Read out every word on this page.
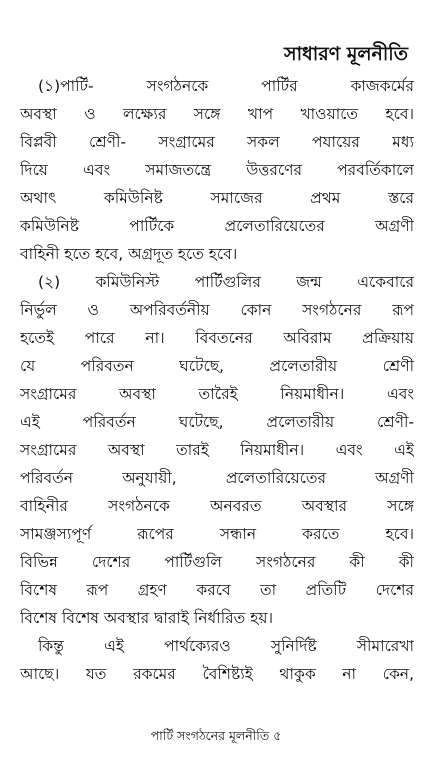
সাধারণ মূলনীতি
(১)পার্টি- সংগঠনকে পার্টির কাজকর্মের
অবস্থা ও লক্ষ্যের সঙ্গে খাপ খাওয়াতে হবে।
বিপ্লবী শ্রেণী- সংগ্রামের সকল পযায়ের মধ্য
দিয়ে এবং সমাজতন্ত্রে উত্তরণের পরবর্তিকালে
অথাৎ কমিউনিষ্ট সমাজের প্রথম স্তরে
কমিউনিষ্ট পার্টিকে প্রলেতারিয়েতের অগ্রণী
বাহিনী হতে হবে, অগ্রদূত হতে হবে।
(২) কমিউনিস্ট পার্টিগুলির জন্ম একেবারে
নির্ভুল ও অপরিবর্তনীয় কোন সংগঠনের রূপ
হতেই পারে না। বিবতনের অবিরাম প্রক্রিয়ায়
যে পরিবতন ঘটেছে, প্রলেতারীয় শ্রেণী
সংগ্রামের অবস্থা তারৈই নিয়মাধীন। এবং
এই পরিবর্তন ঘটেছে, প্রলেতারীয় শ্রেণী-
সংগ্রামের অবস্থা তারই নিয়মাধীন। এবং এই
পরিবর্তন অনুযায়ী, প্রলেতারিয়েতের অগ্রণী
বাহিনীর সংগঠনকে অনবরত অবস্থার সঙ্গে
সামঞ্জস্যপূর্ণ রূপের সন্ধান করতে হবে।
বিভিন্ন দেশের পার্টিগুলি সংগঠনের কী কী
বিশেষ রূপ গ্রহণ করবে তা প্রতিটি দেশের
বিশেষ বিশেষ অবস্থার দ্বারাই নির্ধারিত হয়।
কিন্তু এই পার্থক্যেরও সুনির্দিষ্ট সীমারেখা
আছে। যত রকমের বৈশিষ্ট্যই থাকুক না কেন,
পার্টি সংগঠনের মূলনীতি ৫
